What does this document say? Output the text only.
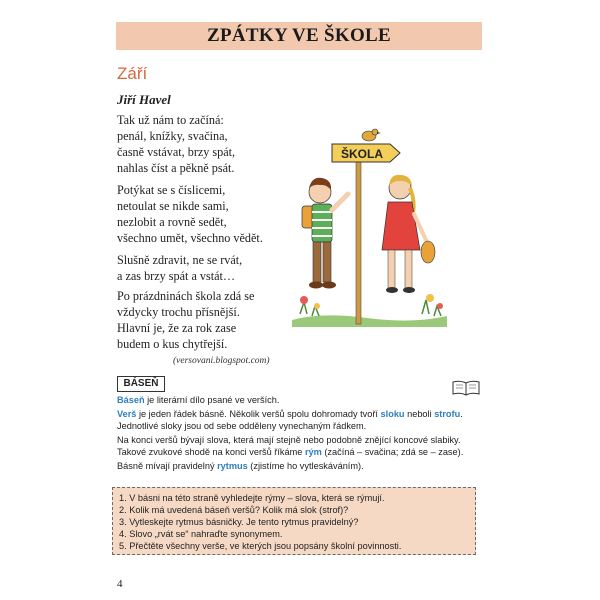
ZPÁTKY VE ŠKOLE
Září
Jiří Havel
Tak už nám to začíná:
penál, knížky, svačina,
časně vstávat, brzy spát,
nahlas číst a pěkně psát.
Potýkat se s číslicemi,
netoulat se nikde sami,
nezlobit a rovně sedět,
všechno umět, všechno vědět.
Slušně zdravit, ne se rvát,
a zas brzy spát a vstát…
Po prázdninách škola zdá se
vždycky trochu přísnější.
Hlavní je, že za rok zase
budem o kus chytřejší.
(versovani.blogspot.com)
ŠKOLA
BÁSEŇ

Báseň je literární dílo psané ve verších.

Verš je jeden řádek básně. Několik veršů spolu dohromady tvoří sloku neboli strofu. Jednotlivé sloky jsou od sebe odděleny vynechaným řádkem.

Na konci veršů bývají slova, která mají stejně nebo podobně znějící koncové slabiky. Takové zvukové shodě na konci veršů říkáme rým (začíná – svačina; zdá se – zase).

Básně mívají pravidelný rytmus (zjistíme ho vytleskáváním).

1. V básni na této straně vyhledejte rýmy – slova, která se rýmují.
2. Kolik má uvedená báseň veršů? Kolik má slok (strof)?
3. Vytleskejte rytmus básničky. Je tento rytmus pravidelný?
4. Slovo „rvát se“ nahraďte synonymem.
5. Přečtěte všechny verše, ve kterých jsou popsány školní povinnosti.
4
